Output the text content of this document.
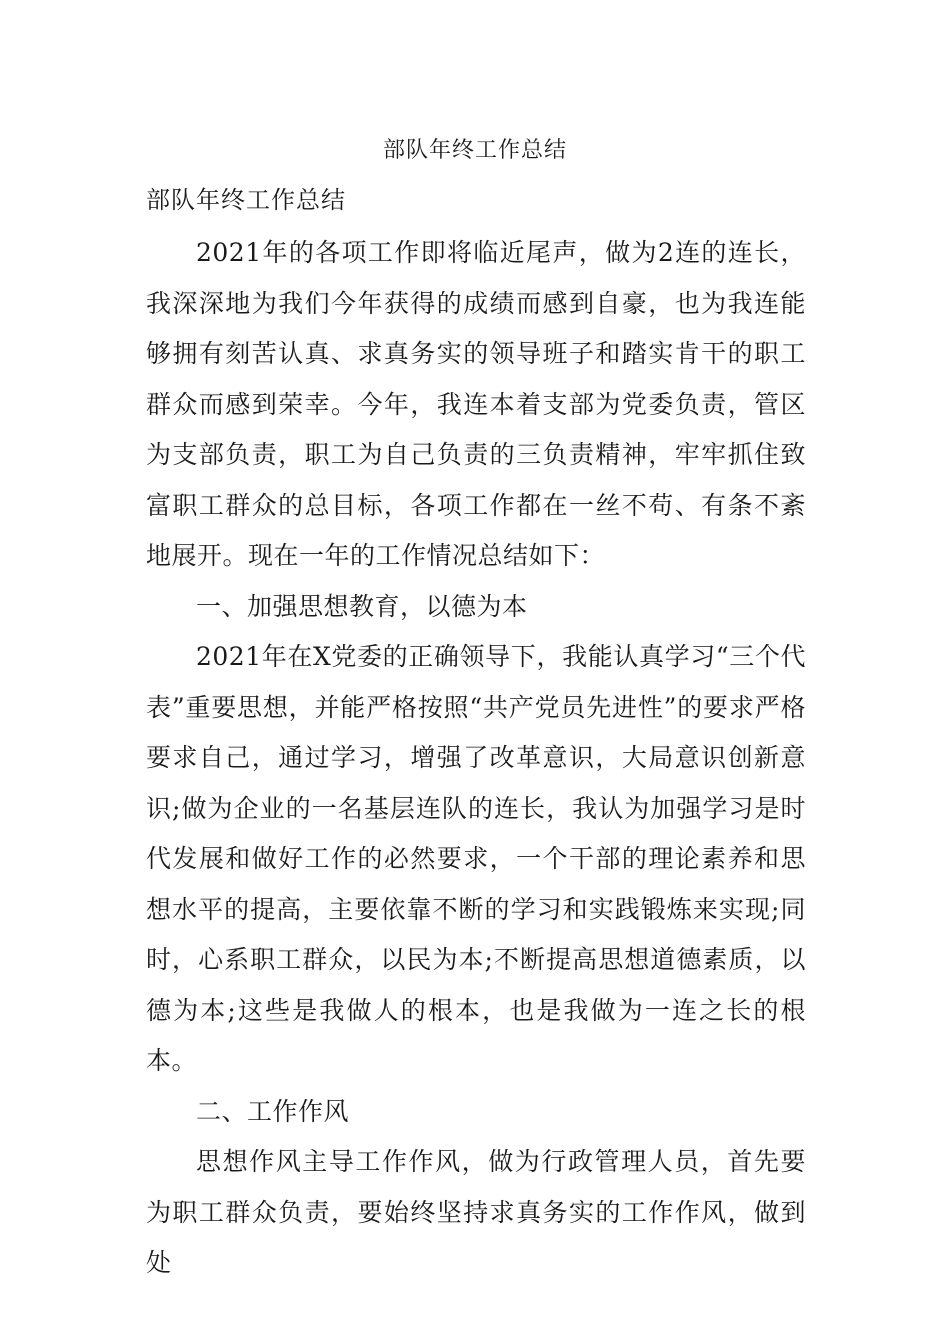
部队年终工作总结
部队年终工作总结

2021年的各项工作即将临近尾声，做为2连的连长，我深深地为我们今年获得的成绩而感到自豪，也为我连能够拥有刻苦认真、求真务实的领导班子和踏实肯干的职工群众而感到荣幸。今年，我连本着支部为党委负责，管区为支部负责，职工为自己负责的三负责精神，牢牢抓住致富职工群众的总目标，各项工作都在一丝不苟、有条不紊地展开。现在一年的工作情况总结如下：

一、加强思想教育，以德为本

2021年在X党委的正确领导下，我能认真学习“三个代表”重要思想，并能严格按照“共产党员先进性”的要求严格要求自己，通过学习，增强了改革意识，大局意识创新意识;做为企业的一名基层连队的连长，我认为加强学习是时代发展和做好工作的必然要求，一个干部的理论素养和思想水平的提高，主要依靠不断的学习和实践锻炼来实现;同时，心系职工群众，以民为本;不断提高思想道德素质，以德为本;这些是我做人的根本，也是我做为一连之长的根本。

二、工作作风

思想作风主导工作作风，做为行政管理人员，首先要为职工群众负责，要始终坚持求真务实的工作作风，做到处
